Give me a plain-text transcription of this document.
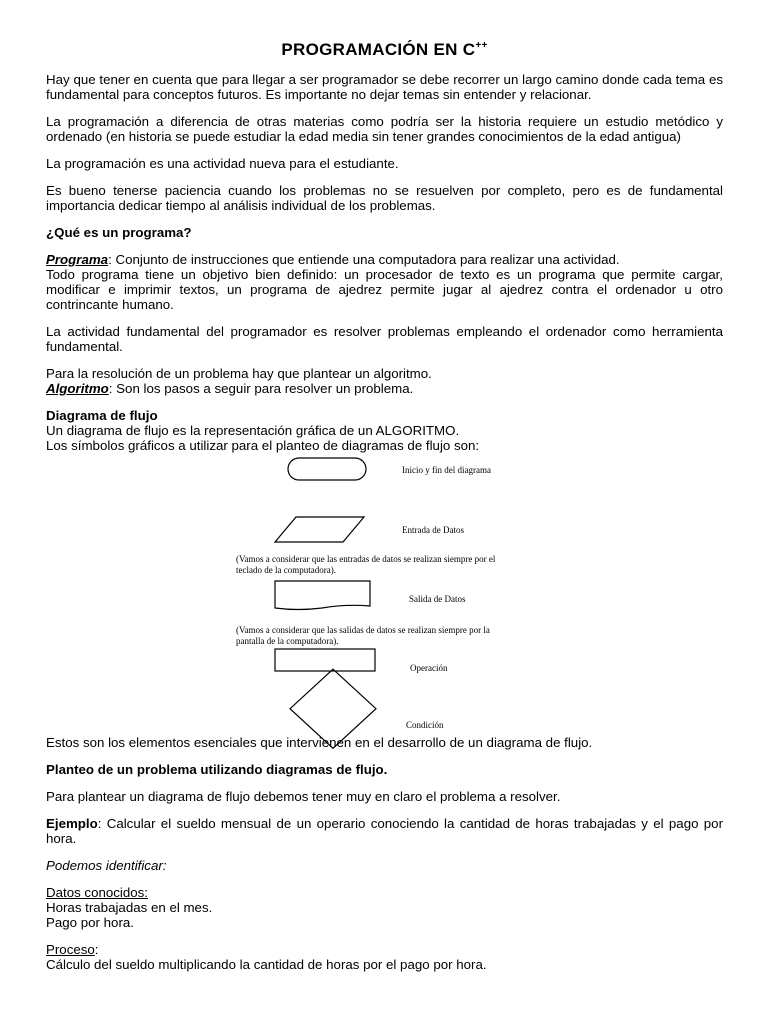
PROGRAMACIÓN EN C++

Hay que tener en cuenta que para llegar a ser programador se debe recorrer un largo camino donde cada tema es fundamental para conceptos futuros. Es importante no dejar temas sin entender y relacionar.

La programación a diferencia de otras materias como podría ser la historia requiere un estudio metódico y ordenado (en historia se puede estudiar la edad media sin tener grandes conocimientos de la edad antigua)

La programación es una actividad nueva para el estudiante.

Es bueno tenerse paciencia cuando los problemas no se resuelven por completo, pero es de fundamental importancia dedicar tiempo al análisis individual de los problemas.

¿Qué es un programa?

Programa: Conjunto de instrucciones que entiende una computadora para realizar una actividad.

Todo programa tiene un objetivo bien definido: un procesador de texto es un programa que permite cargar, modificar e imprimir textos, un programa de ajedrez permite jugar al ajedrez contra el ordenador u otro contrincante humano.

La actividad fundamental del programador es resolver problemas empleando el ordenador como herramienta fundamental.

Para la resolución de un problema hay que plantear un algoritmo.

Algoritmo: Son los pasos a seguir para resolver un problema.

Diagrama de flujo

Un diagrama de flujo es la representación gráfica de un ALGORITMO.

Los símbolos gráficos a utilizar para el planteo de diagramas de flujo son:

Inicio y fin del diagrama
Entrada de Datos
(Vamos a considerar que las entradas de datos se realizan siempre por el
teclado de la computadora).
Salida de Datos
(Vamos a considerar que las salidas de datos se realizan siempre por la
pantalla de la computadora).
Operación
Condición

Estos son los elementos esenciales que intervienen en el desarrollo de un diagrama de flujo.

Planteo de un problema utilizando diagramas de flujo.

Para plantear un diagrama de flujo debemos tener muy en claro el problema a resolver.

Ejemplo: Calcular el sueldo mensual de un operario conociendo la cantidad de horas trabajadas y el pago por hora.

Podemos identificar:

Datos conocidos:

Horas trabajadas en el mes.

Pago por hora.

Proceso:

Cálculo del sueldo multiplicando la cantidad de horas por el pago por hora.
